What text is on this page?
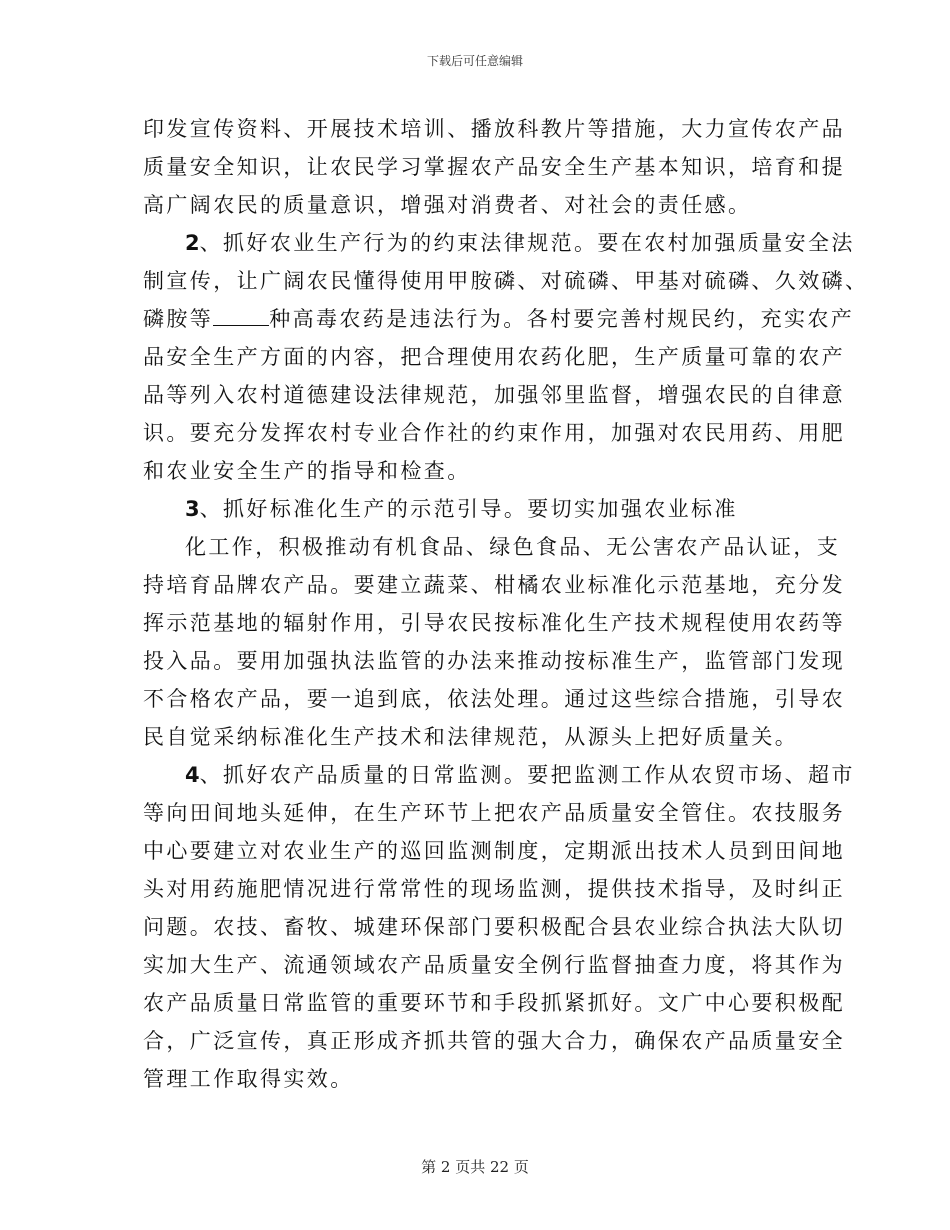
下载后可任意编辑
印发宣传资料、开展技术培训、播放科教片等措施，大力宣传农产品
质量安全知识，让农民学习掌握农产品安全生产基本知识，培育和提
高广阔农民的质量意识，增强对消费者、对社会的责任感。
2、抓好农业生产行为的约束法律规范。要在农村加强质量安全法
制宣传，让广阔农民懂得使用甲胺磷、对硫磷、甲基对硫磷、久效磷、
磷胺等	种高毒农药是违法行为。各村要完善村规民约，充实农产
品安全生产方面的内容，把合理使用农药化肥，生产质量可靠的农产
品等列入农村道德建设法律规范，加强邻里监督，增强农民的自律意
识。要充分发挥农村专业合作社的约束作用，加强对农民用药、用肥
和农业安全生产的指导和检查。
3、抓好标准化生产的示范引导。要切实加强农业标准
化工作，积极推动有机食品、绿色食品、无公害农产品认证，支
持培育品牌农产品。要建立蔬菜、柑橘农业标准化示范基地，充分发
挥示范基地的辐射作用，引导农民按标准化生产技术规程使用农药等
投入品。要用加强执法监管的办法来推动按标准生产，监管部门发现
不合格农产品，要一追到底，依法处理。通过这些综合措施，引导农
民自觉采纳标准化生产技术和法律规范，从源头上把好质量关。
4、抓好农产品质量的日常监测。要把监测工作从农贸市场、超市
等向田间地头延伸，在生产环节上把农产品质量安全管住。农技服务
中心要建立对农业生产的巡回监测制度，定期派出技术人员到田间地
头对用药施肥情况进行常常性的现场监测，提供技术指导，及时纠正
问题。农技、畜牧、城建环保部门要积极配合县农业综合执法大队切
实加大生产、流通领域农产品质量安全例行监督抽查力度，将其作为
农产品质量日常监管的重要环节和手段抓紧抓好。文广中心要积极配
合，广泛宣传，真正形成齐抓共管的强大合力，确保农产品质量安全
管理工作取得实效。
第 2 页共 22 页
